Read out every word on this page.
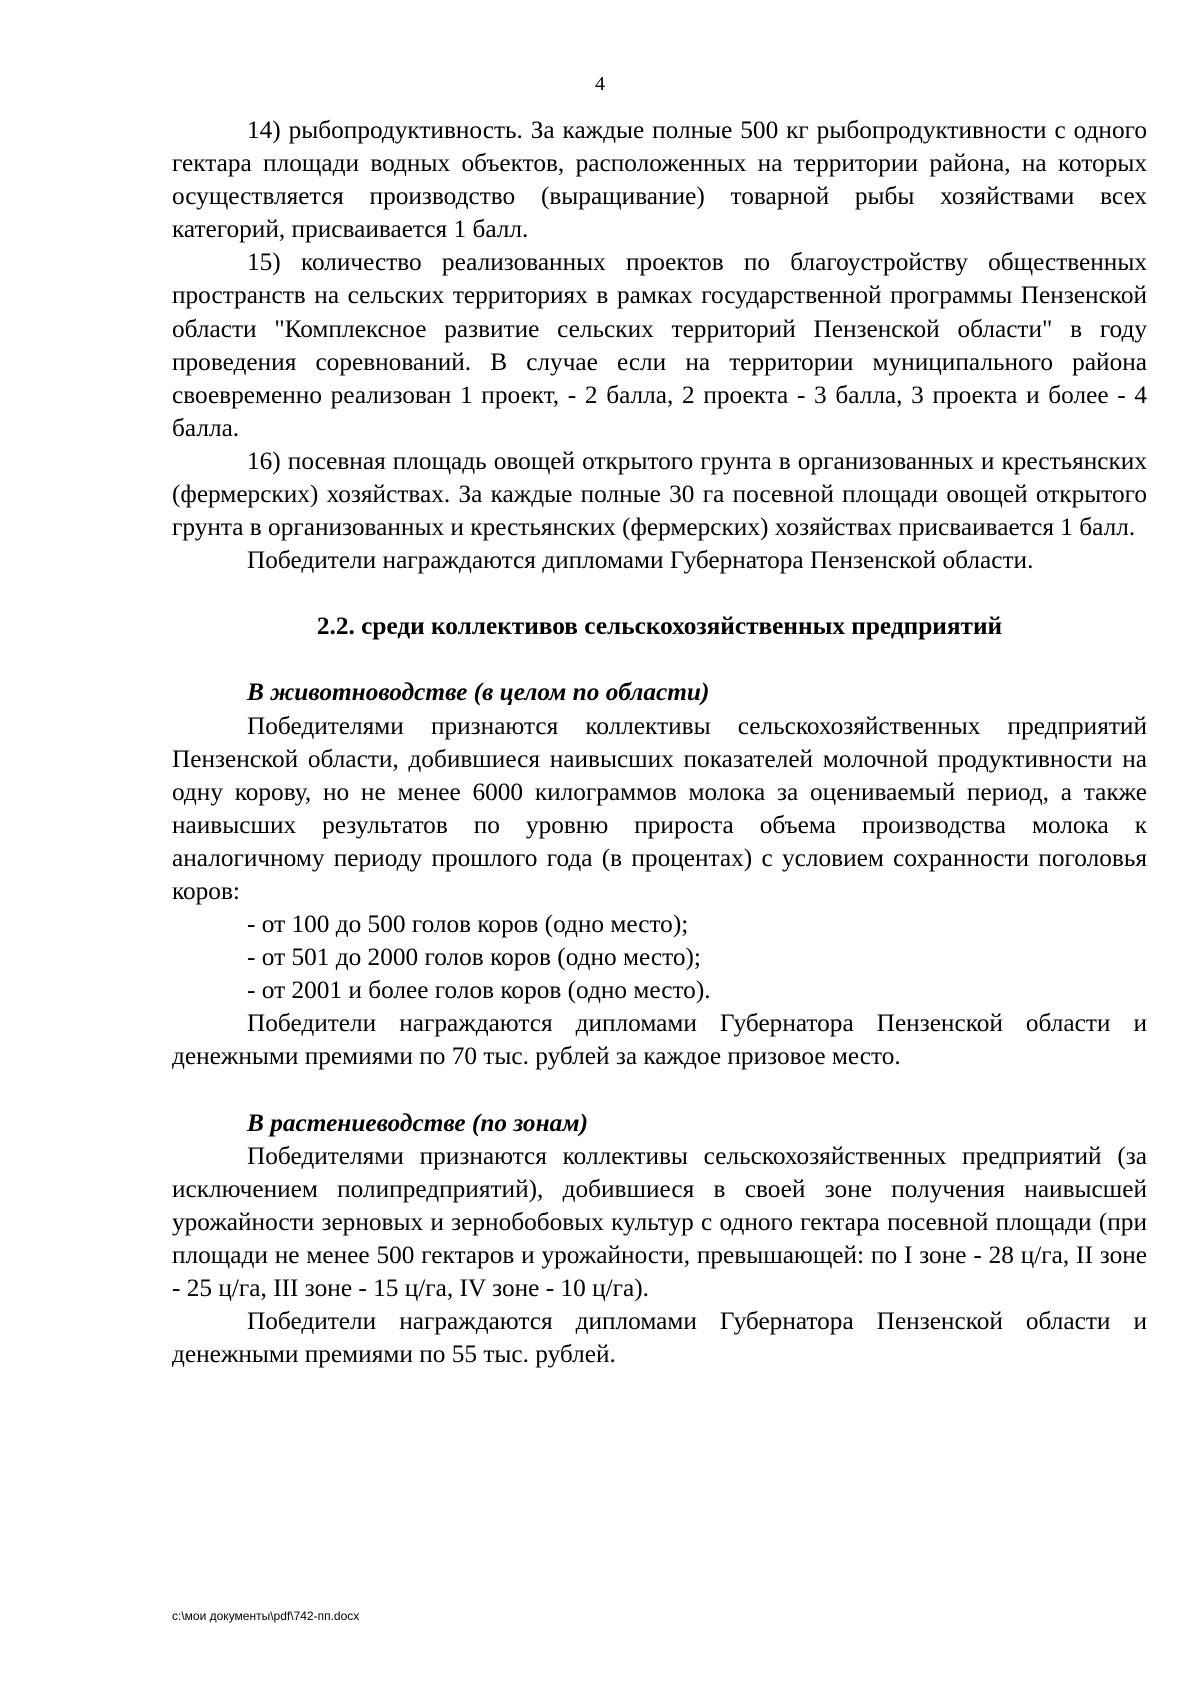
4

14) рыбопродуктивность. За каждые полные 500 кг рыбопродуктивности с одного гектара площади водных объектов, расположенных на территории района, на которых осуществляется производство (выращивание) товарной рыбы хозяйствами всех категорий, присваивается 1 балл.

15) количество реализованных проектов по благоустройству общественных пространств на сельских территориях в рамках государственной программы Пензенской области "Комплексное развитие сельских территорий Пензенской области" в году проведения соревнований. В случае если на территории муниципального района своевременно реализован 1 проект, - 2 балла, 2 проекта - 3 балла, 3 проекта и более - 4 балла.

16) посевная площадь овощей открытого грунта в организованных и крестьянских (фермерских) хозяйствах. За каждые полные 30 га посевной площади овощей открытого грунта в организованных и крестьянских (фермерских) хозяйствах присваивается 1 балл.

Победители награждаются дипломами Губернатора Пензенской области.

2.2. среди коллективов сельскохозяйственных предприятий

В животноводстве (в целом по области)

Победителями признаются коллективы сельскохозяйственных предприятий Пензенской области, добившиеся наивысших показателей молочной продуктивности на одну корову, но не менее 6000 килограммов молока за оцениваемый период, а также наивысших результатов по уровню прироста объема производства молока к аналогичному периоду прошлого года (в процентах) с условием сохранности поголовья коров:

- от 100 до 500 голов коров (одно место);

- от 501 до 2000 голов коров (одно место);

- от 2001 и более голов коров (одно место).

Победители награждаются дипломами Губернатора Пензенской области и денежными премиями по 70 тыс. рублей за каждое призовое место.

В растениеводстве (по зонам)

Победителями признаются коллективы сельскохозяйственных предприятий (за исключением полипредприятий), добившиеся в своей зоне получения наивысшей урожайности зерновых и зернобобовых культур с одного гектара посевной площади (при площади не менее 500 гектаров и урожайности, превышающей: по I зоне - 28 ц/га, II зоне - 25 ц/га, III зоне - 15 ц/га, IV зоне - 10 ц/га).

Победители награждаются дипломами Губернатора Пензенской области и денежными премиями по 55 тыс. рублей.

c:\мои документы\pdf\742-пп.docx
